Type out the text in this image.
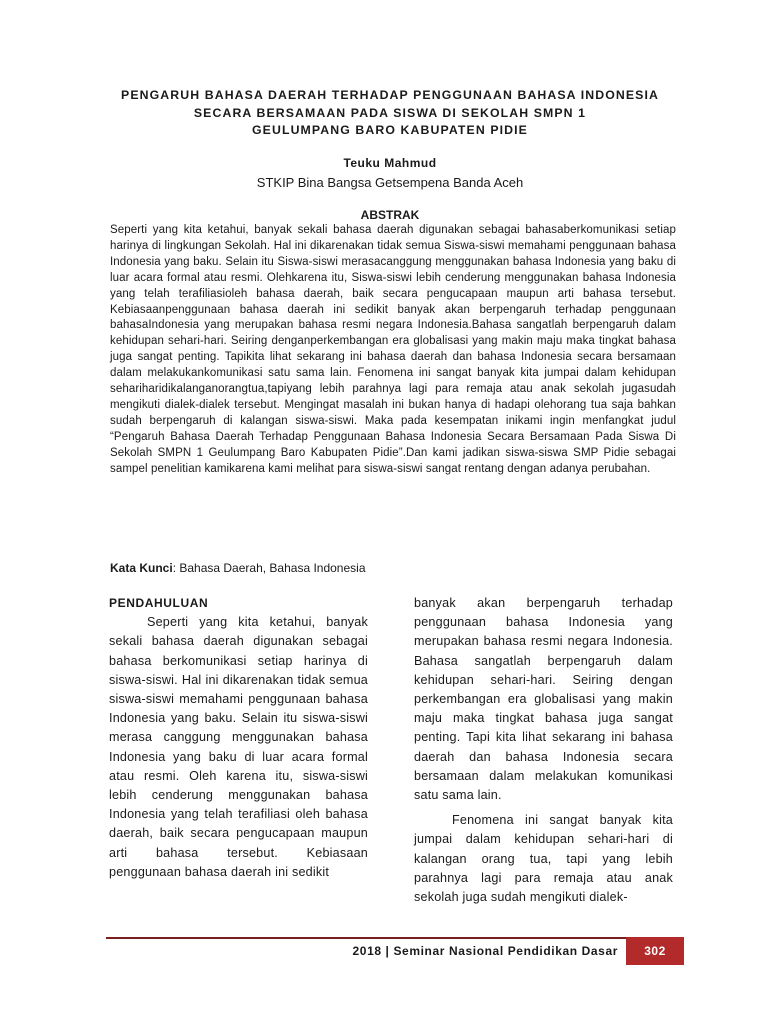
PENGARUH BAHASA DAERAH TERHADAP PENGGUNAAN BAHASA INDONESIA
SECARA BERSAMAAN PADA SISWA DI SEKOLAH SMPN 1
GEULUMPANG BARO KABUPATEN PIDIE
Teuku Mahmud
STKIP Bina Bangsa Getsempena Banda Aceh
ABSTRAK

Seperti yang kita ketahui, banyak sekali bahasa daerah digunakan sebagai bahasaberkomunikasi setiap harinya di lingkungan Sekolah. Hal ini dikarenakan tidak semua Siswa-siswi memahami penggunaan bahasa Indonesia yang baku. Selain itu Siswa-siswi merasacanggung menggunakan bahasa Indonesia yang baku di luar acara formal atau resmi. Olehkarena itu, Siswa-siswi lebih cenderung menggunakan bahasa Indonesia yang telah terafiliasioleh bahasa daerah, baik secara pengucapaan maupun arti bahasa tersebut. Kebiasaanpenggunaan bahasa daerah ini sedikit banyak akan berpengaruh terhadap penggunaan bahasaIndonesia yang merupakan bahasa resmi negara Indonesia.Bahasa sangatlah berpengaruh dalam kehidupan sehari-hari. Seiring denganperkembangan era globalisasi yang makin maju maka tingkat bahasa juga sangat penting. Tapikita lihat sekarang ini bahasa daerah dan bahasa Indonesia secara bersamaan dalam melakukankomunikasi satu sama lain. Fenomena ini sangat banyak kita jumpai dalam kehidupan sehariharidikalanganorangtua,tapiyang lebih parahnya lagi para remaja atau anak sekolah jugasudah mengikuti dialek-dialek tersebut. Mengingat masalah ini bukan hanya di hadapi olehorang tua saja bahkan sudah berpengaruh di kalangan siswa-siswi. Maka pada kesempatan inikami ingin menfangkat judul “Pengaruh Bahasa Daerah Terhadap Penggunaan Bahasa Indonesia Secara Bersamaan Pada Siswa Di Sekolah SMPN 1 Geulumpang Baro Kabupaten Pidie”.Dan kami jadikan siswa-siswa SMP Pidie sebagai sampel penelitian kamikarena kami melihat para siswa-siswi sangat rentang dengan adanya perubahan.

Kata Kunci: Bahasa Daerah, Bahasa Indonesia

PENDAHULUAN

Seperti yang kita ketahui, banyak sekali bahasa daerah digunakan sebagai bahasa berkomunikasi setiap harinya di siswa-siswi. Hal ini dikarenakan tidak semua siswa-siswi memahami penggunaan bahasa Indonesia yang baku. Selain itu siswa-siswi merasa canggung menggunakan bahasa Indonesia yang baku di luar acara formal atau resmi. Oleh karena itu, siswa-siswi lebih cenderung menggunakan bahasa Indonesia yang telah terafiliasi oleh bahasa daerah, baik secara pengucapaan maupun arti bahasa tersebut. Kebiasaan penggunaan bahasa daerah ini sedikit

banyak akan berpengaruh terhadap penggunaan bahasa Indonesia yang merupakan bahasa resmi negara Indonesia. Bahasa sangatlah berpengaruh dalam kehidupan sehari-hari. Seiring dengan perkembangan era globalisasi yang makin maju maka tingkat bahasa juga sangat penting. Tapi kita lihat sekarang ini bahasa daerah dan bahasa Indonesia secara bersamaan dalam melakukan komunikasi satu sama lain.

Fenomena ini sangat banyak kita jumpai dalam kehidupan sehari-hari di kalangan orang tua, tapi yang lebih parahnya lagi para remaja atau anak sekolah juga sudah mengikuti dialek-

2018 | Seminar Nasional Pendidikan Dasar	302
